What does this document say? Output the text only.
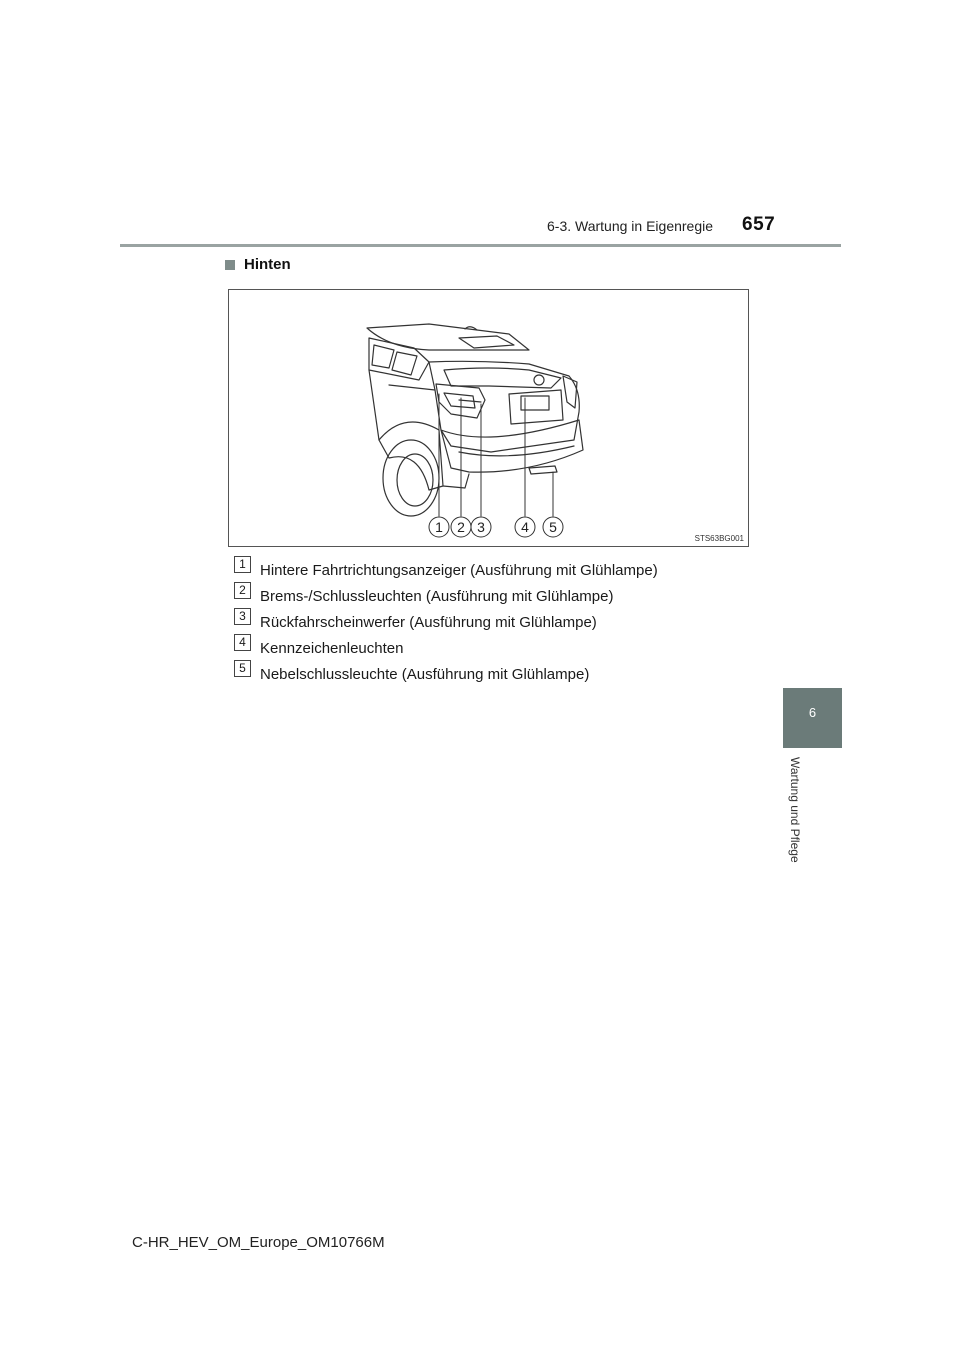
6-3. Wartung in Eigenregie 657
6
Wartung und Pflege
Hinten
1 2 3	4 5
STS63BG001
1 Hintere Fahrtrichtungsanzeiger (Ausführung mit Glühlampe)
2 Brems-/Schlussleuchten (Ausführung mit Glühlampe)
3 Rückfahrscheinwerfer (Ausführung mit Glühlampe)
4 Kennzeichenleuchten
5 Nebelschlussleuchte (Ausführung mit Glühlampe)
C-HR_HEV_OM_Europe_OM10766M
